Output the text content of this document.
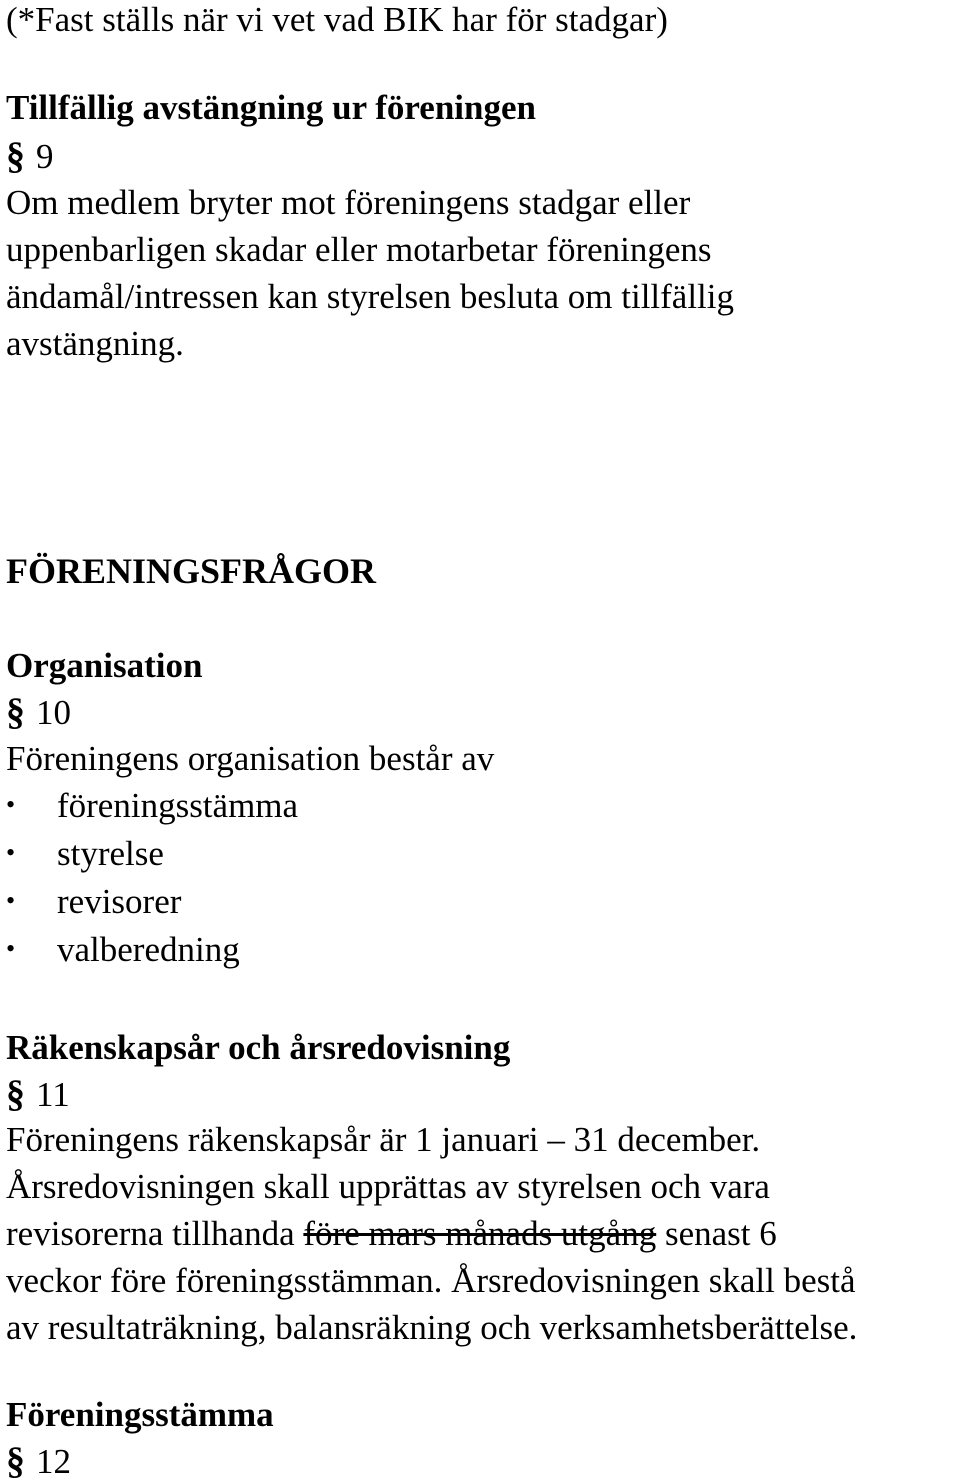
(*Fast ställs när vi vet vad BIK har för stadgar)
Tillfällig avstängning ur föreningen
§ 9
Om medlem bryter mot föreningens stadgar eller
uppenbarligen skadar eller motarbetar föreningens
ändamål/intressen kan styrelsen besluta om tillfällig
avstängning.
FÖRENINGSFRÅGOR
Organisation
§ 10
Föreningens organisation består av
• föreningsstämma
• styrelse
• revisorer
• valberedning
Räkenskapsår och årsredovisning
§ 11
Föreningens räkenskapsår är 1 januari – 31 december.
Årsredovisningen skall upprättas av styrelsen och vara
revisorerna tillhanda före mars månads utgång senast 6
veckor före föreningsstämman. Årsredovisningen skall bestå
av resultaträkning, balansräkning och verksamhetsberättelse.
Föreningsstämma
§ 12
